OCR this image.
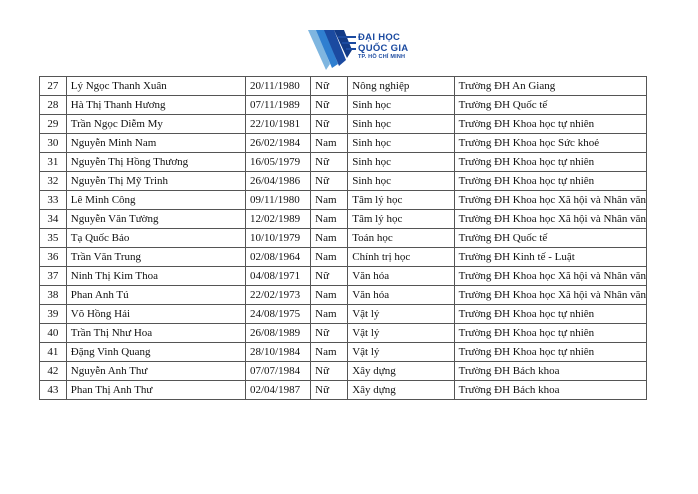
ĐẠI HỌC
QUỐC GIA
TP. HỒ CHÍ MINH
27	Lý Ngọc Thanh Xuân	20/11/1980	Nữ	Nông nghiệp	Trường ĐH An Giang
28	Hà Thị Thanh Hương	07/11/1989	Nữ	Sinh học	Trường ĐH Quốc tế
29	Trần Ngọc Diễm My	22/10/1981	Nữ	Sinh học	Trường ĐH Khoa học tự nhiên
30	Nguyễn Minh Nam	26/02/1984	Nam	Sinh học	Trường ĐH Khoa học Sức khoẻ
31	Nguyễn Thị Hồng Thương	16/05/1979	Nữ	Sinh học	Trường ĐH Khoa học tự nhiên
32	Nguyễn Thị Mỹ Trinh	26/04/1986	Nữ	Sinh học	Trường ĐH Khoa học tự nhiên
33	Lê Minh Công	09/11/1980	Nam	Tâm lý học	Trường ĐH Khoa học Xã hội và Nhân văn
34	Nguyễn Văn Tường	12/02/1989	Nam	Tâm lý học	Trường ĐH Khoa học Xã hội và Nhân văn
35	Tạ Quốc Bảo	10/10/1979	Nam	Toán học	Trường ĐH Quốc tế
36	Trần Văn Trung	02/08/1964	Nam	Chính trị học	Trường ĐH Kinh tế - Luật
37	Ninh Thị Kim Thoa	04/08/1971	Nữ	Văn hóa	Trường ĐH Khoa học Xã hội và Nhân văn
38	Phan Anh Tú	22/02/1973	Nam	Văn hóa	Trường ĐH Khoa học Xã hội và Nhân văn
39	Võ Hồng Hải	24/08/1975	Nam	Vật lý	Trường ĐH Khoa học tự nhiên
40	Trần Thị Như Hoa	26/08/1989	Nữ	Vật lý	Trường ĐH Khoa học tự nhiên
41	Đặng Vinh Quang	28/10/1984	Nam	Vật lý	Trường ĐH Khoa học tự nhiên
42	Nguyễn Anh Thư	07/07/1984	Nữ	Xây dựng	Trường ĐH Bách khoa
43	Phan Thị Anh Thư	02/04/1987	Nữ	Xây dựng	Trường ĐH Bách khoa
